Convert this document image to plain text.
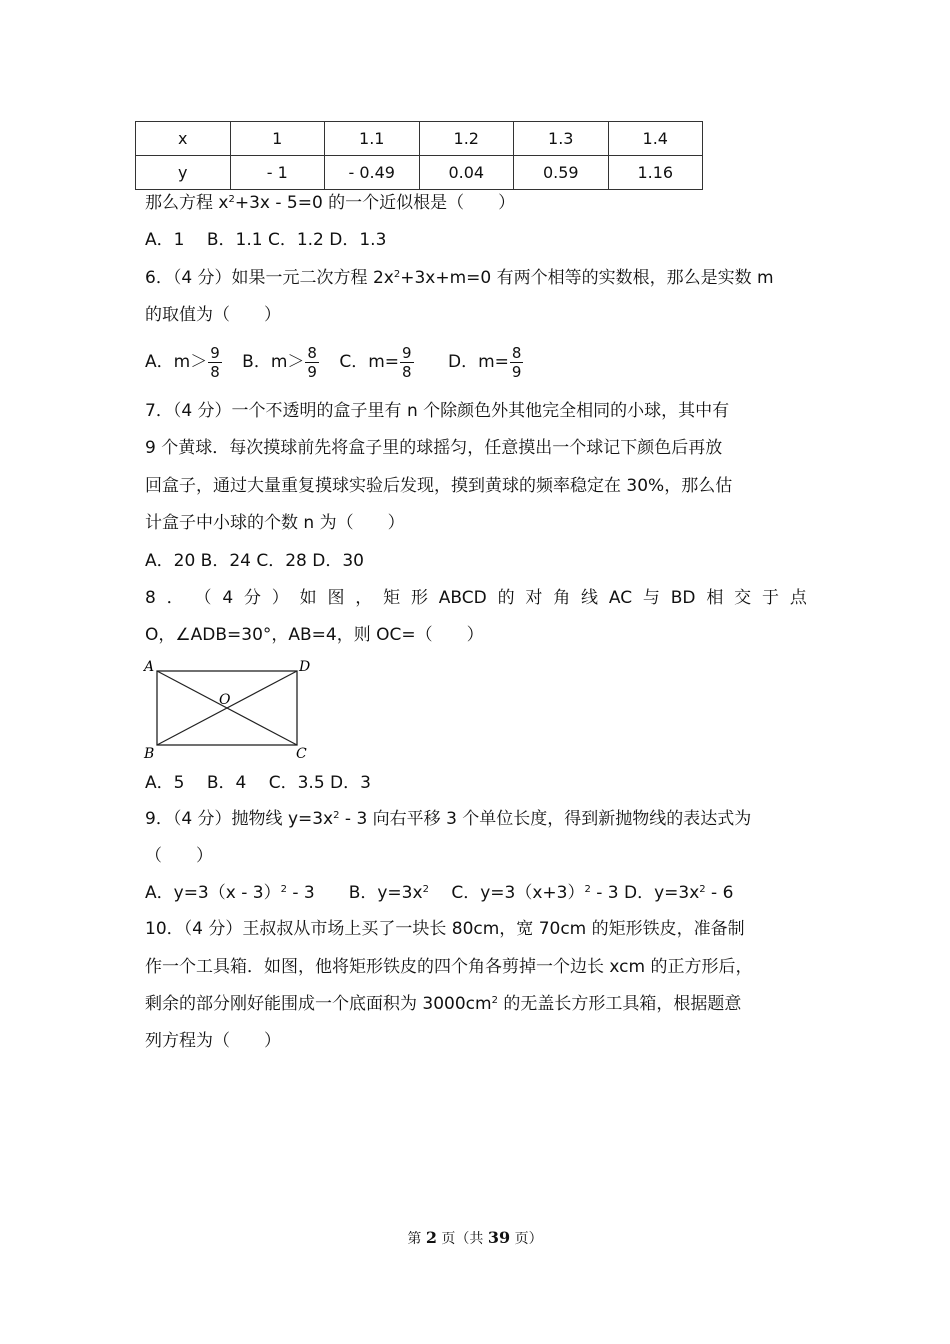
x	1	1.1	1.2	1.3	1.4
y	- 1	- 0.49	0.04	0.59	1.16
那么方程 $x^2+3x - 5=0$ 的一个近似根是（　　）
A．1　 B．1.1 C．1.2 D．1.3
6．（4 分）如果一元二次方程 $2x^2+3x+m=0$ 有两个相等的实数根，那么是实数 m
的取值为（　　）
A．$m> \frac{9}{8}$ B．$m> \frac{8}{9}$ C．$m= \frac{9}{8}$ D．$m= \frac{8}{9}$
7．（4 分）一个不透明的盒子里有 n 个除颜色外其他完全相同的小球，其中有
9 个黄球．每次摸球前先将盒子里的球摇匀，任意摸出一个球记下颜色后再放
回盒子，通过大量重复摸球实验后发现，摸到黄球的频率稳定在 30%，那么估
计盒子中小球的个数 n 为（　　）
A．20 B．24 C．28 D．30
8 ． （ 4 分 ） 如 图 ， 矩 形 ABCD 的 对 角 线 AC 与 BD 相 交 于 点
O，∠ADB=30°，AB=4，则 OC=（　　）
A	D
B	C
O
A．5　 B．4　 C．3.5 D．3
9．（4 分）抛物线 $y=3x^2 - 3$ 向右平移 3 个单位长度，得到新抛物线的表达式为
（　　）
A．y=3（x - 3）$^2$ - 3　　B．$y=3x^2$　 C．$y=3(x+3)^2 - 3$ D．$y=3x^2 - 6$
10．（4 分）王叔叔从市场上买了一块长 80cm，宽 70cm 的矩形铁皮，准备制
作一个工具箱．如图，他将矩形铁皮的四个角各剪掉一个边长 xcm 的正方形后，
剩余的部分刚好能围成一个底面积为 $3000cm^2$ 的无盖长方形工具箱，根据题意
列方程为（　　）
第 2 页（共 39 页）
